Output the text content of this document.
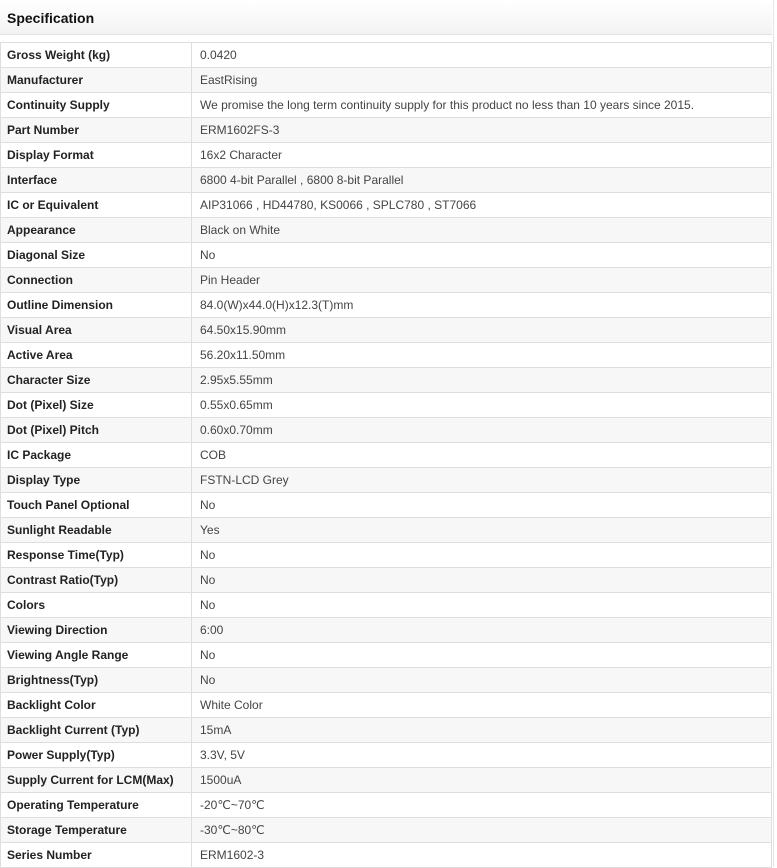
Specification
Gross Weight (kg)	0.0420
Manufacturer	EastRising
Continuity Supply	We promise the long term continuity supply for this product no less than 10 years since 2015.
Part Number	ERM1602FS-3
Display Format	16x2 Character
Interface	6800 4-bit Parallel , 6800 8-bit Parallel
IC or Equivalent	AIP31066 , HD44780, KS0066 , SPLC780 , ST7066
Appearance	Black on White
Diagonal Size	No
Connection	Pin Header
Outline Dimension	84.0(W)x44.0(H)x12.3(T)mm
Visual Area	64.50x15.90mm
Active Area	56.20x11.50mm
Character Size	2.95x5.55mm
Dot (Pixel) Size	0.55x0.65mm
Dot (Pixel) Pitch	0.60x0.70mm
IC Package	COB
Display Type	FSTN-LCD Grey
Touch Panel Optional	No
Sunlight Readable	Yes
Response Time(Typ)	No
Contrast Ratio(Typ)	No
Colors	No
Viewing Direction	6:00
Viewing Angle Range	No
Brightness(Typ)	No
Backlight Color	White Color
Backlight Current (Typ)	15mA
Power Supply(Typ)	3.3V, 5V
Supply Current for LCM(Max)	1500uA
Operating Temperature	-20℃~70℃
Storage Temperature	-30℃~80℃
Series Number	ERM1602-3
